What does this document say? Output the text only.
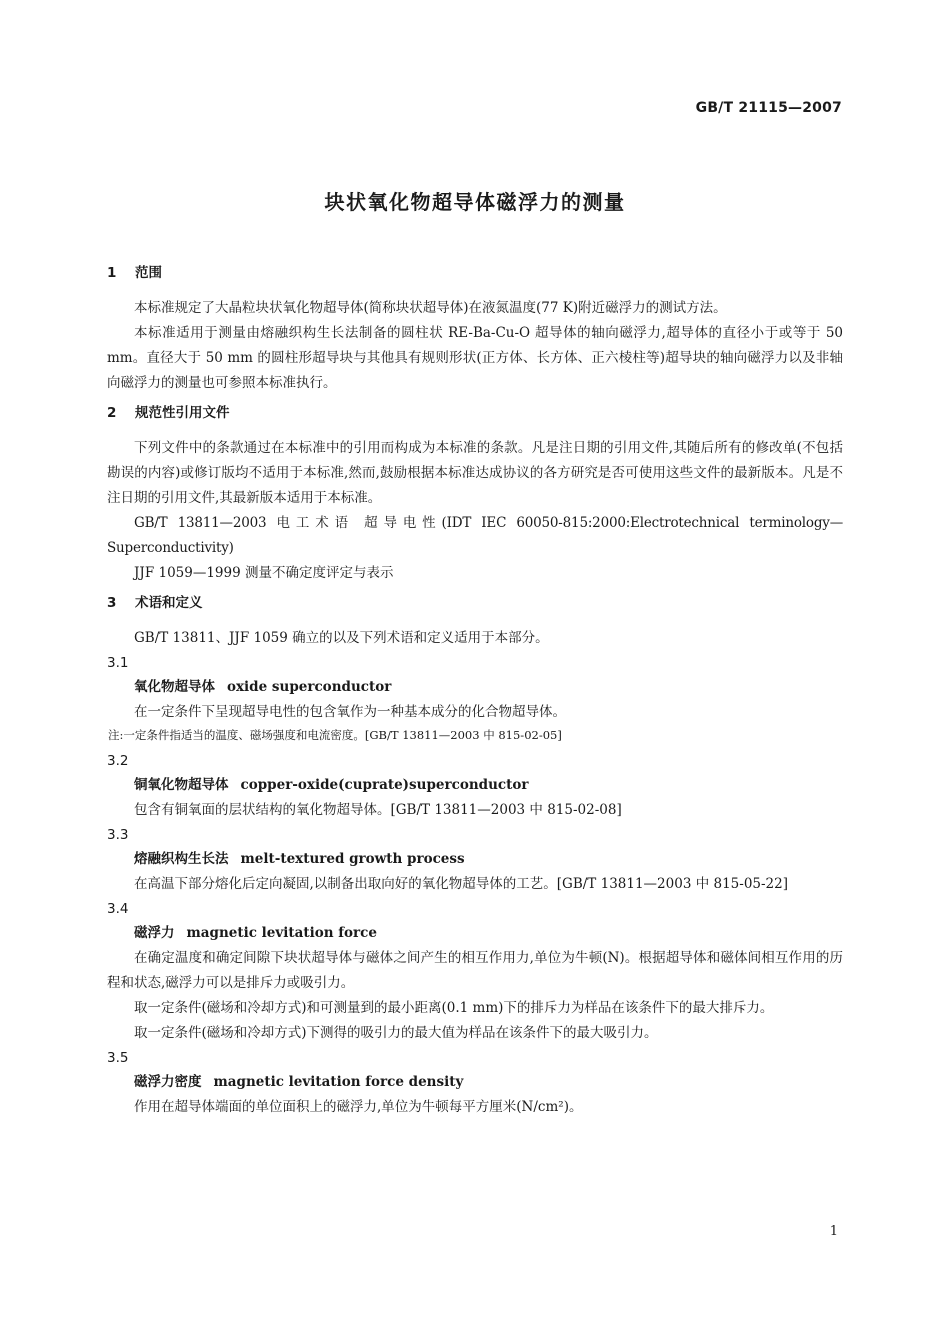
GB/T 21115—2007
块状氧化物超导体磁浮力的测量
1 范围

本标准规定了大晶粒块状氧化物超导体(简称块状超导体)在液氮温度(77 K)附近磁浮力的测试方法。

本标准适用于测量由熔融织构生长法制备的圆柱状 RE-Ba-Cu-O 超导体的轴向磁浮力,超导体的直径小于或等于 50 mm。直径大于 50 mm 的圆柱形超导块与其他具有规则形状(正方体、长方体、正六棱柱等)超导块的轴向磁浮力以及非轴向磁浮力的测量也可参照本标准执行。

2 规范性引用文件

下列文件中的条款通过在本标准中的引用而构成为本标准的条款。凡是注日期的引用文件,其随后所有的修改单(不包括勘误的内容)或修订版均不适用于本标准,然而,鼓励根据本标准达成协议的各方研究是否可使用这些文件的最新版本。凡是不注日期的引用文件,其最新版本适用于本标准。

GB/T 13811—2003 电工术语 超导电性(IDT IEC 60050-815:2000:Electrotechnical terminology—Superconductivity)

JJF 1059—1999 测量不确定度评定与表示

3 术语和定义

GB/T 13811、JJF 1059 确立的以及下列术语和定义适用于本部分。

3.1
氧化物超导体 oxide superconductor

在一定条件下呈现超导电性的包含氧作为一种基本成分的化合物超导体。

注:一定条件指适当的温度、磁场强度和电流密度。[GB/T 13811—2003 中 815-02-05]
3.2
铜氧化物超导体 copper-oxide(cuprate)superconductor

包含有铜氧面的层状结构的氧化物超导体。[GB/T 13811—2003 中 815-02-08]

3.3
熔融织构生长法 melt-textured growth process

在高温下部分熔化后定向凝固,以制备出取向好的氧化物超导体的工艺。[GB/T 13811—2003 中 815-05-22]

3.4
磁浮力 magnetic levitation force

在确定温度和确定间隙下块状超导体与磁体之间产生的相互作用力,单位为牛顿(N)。根据超导体和磁体间相互作用的历程和状态,磁浮力可以是排斥力或吸引力。

取一定条件(磁场和冷却方式)和可测量到的最小距离(0.1 mm)下的排斥力为样品在该条件下的最大排斥力。

取一定条件(磁场和冷却方式)下测得的吸引力的最大值为样品在该条件下的最大吸引力。

3.5
磁浮力密度 magnetic levitation force density

作用在超导体端面的单位面积上的磁浮力,单位为牛顿每平方厘米(N/cm²)。

1
